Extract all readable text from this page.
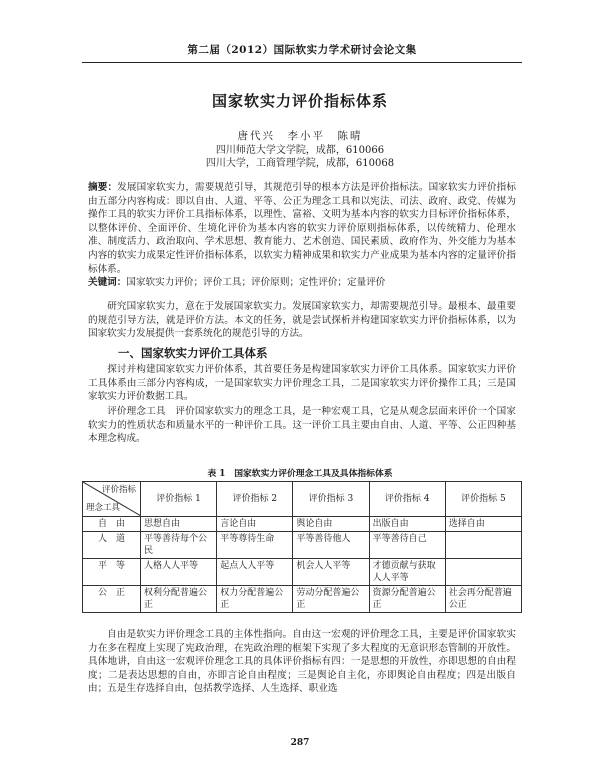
第二届（2012）国际软实力学术研讨会论文集
国家软实力评价指标体系
唐代兴　李小平　陈晴
四川师范大学文学院，成都，610066
四川大学，工商管理学院，成都，610068
摘要：发展国家软实力，需要规范引导，其规范引导的根本方法是评价指标法。国家软实力评价指标由五部分内容构成：即以自由、人道、平等、公正为理念工具和以宪法、司法、政府、政党、传媒为操作工具的软实力评价工具指标体系，以理性、富裕、文明为基本内容的软实力目标评价指标体系，以整体评价、全面评价、生境化评价为基本内容的软实力评价原则指标体系，以传统精力、伦理水准、制度活力、政治取向、学术思想、教育能力、艺术创造、国民素质、政府作为、外交能力为基本内容的软实力成果定性评价指标体系，以软实力精神成果和软实力产业成果为基本内容的定量评价指标体系。
关键词：国家软实力评价；评价工具；评价原则；定性评价；定量评价
研究国家软实力，意在于发展国家软实力。发展国家软实力，却需要规范引导。最根本、最重要的规范引导方法，就是评价方法。本文的任务，就是尝试探析并构建国家软实力评价指标体系，以为国家软实力发展提供一套系统化的规范引导的方法。
一、国家软实力评价工具体系
探讨并构建国家软实力评价体系，其首要任务是构建国家软实力评价工具体系。国家软实力评价工具体系由三部分内容构成，一是国家软实力评价理念工具，二是国家软实力评价操作工具；三是国家软实力评价数据工具。
评价理念工具　评价国家软实力的理念工具，是一种宏观工具，它是从观念层面来评价一个国家软实力的性质状态和质量水平的一种评价工具。这一评价工具主要由自由、人道、平等、公正四种基本理念构成。
表 1　国家软实力评价理念工具及具体指标体系
评价指标
理念工具	评价指标 1	评价指标 2	评价指标 3	评价指标 4	评价指标 5
自　由	思想自由	言论自由	舆论自由	出版自由	选择自由
人　道	平等善待每个公民	平等尊待生命	平等善待他人	平等善待自己	
平　等	人格人人平等	起点人人平等	机会人人平等	才德贡献与获取人人平等	
公　正	权利分配普遍公正	权力分配普遍公正	劳动分配普遍公正	资源分配普遍公正	社会再分配普遍公正
自由是软实力评价理念工具的主体性指向。自由这一宏观的评价理念工具，主要是评价国家软实力在多在程度上实现了宪政治理，在宪政治理的框架下实现了多大程度的无意识形态管制的开放性。具体地讲，自由这一宏观评价理念工具的具体评价指标有四：一是思想的开放性，亦即思想的自由程度；二是表达思想的自由，亦即言论自由程度；三是舆论自主化，亦即舆论自由程度；四是出版自由；五是生存选择自由，包括教学选择、人生选择、职业选
287
